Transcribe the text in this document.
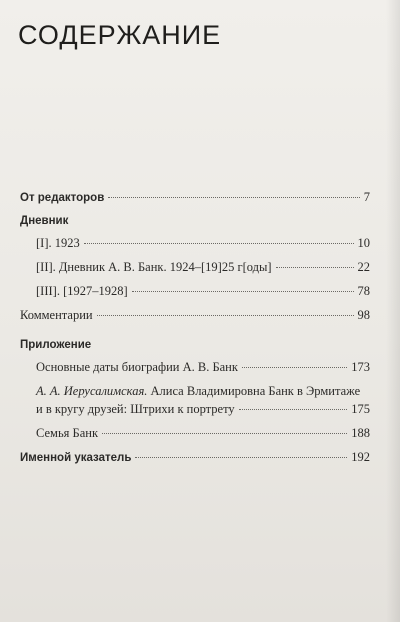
СОДЕРЖАНИЕ
От редакторов	7
Дневник
[I]. 1923	10
[II]. Дневник А. В. Банк. 1924–[19]25 г[оды]	22
[III]. [1927–1928]	78
Комментарии	98
Приложение
Основные даты биографии А. В. Банк	173
А. А. Иерусалимская. Алиса Владимировна Банк в Эрмитаже
и в кругу друзей: Штрихи к портрету	175
Семья Банк	188
Именной указатель	192
